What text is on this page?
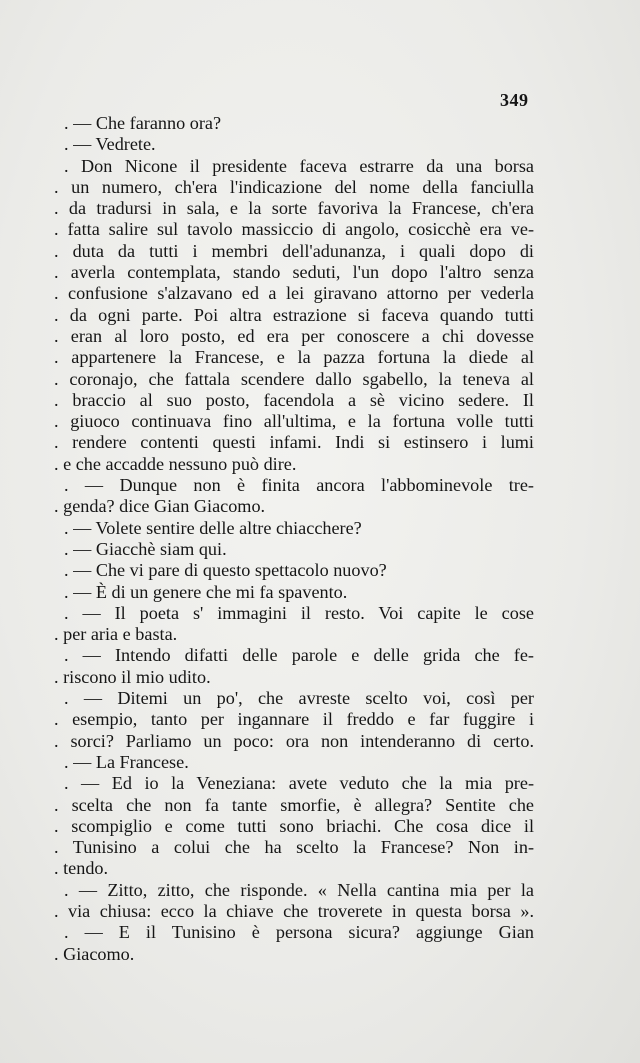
349
. — Che faranno ora?
. — Vedrete.
. Don Nicone il presidente faceva estrarre da una borsa
. un numero, ch'era l'indicazione del nome della fanciulla
. da tradursi in sala, e la sorte favoriva la Francese, ch'era
. fatta salire sul tavolo massiccio di angolo, cosicchè era ve-
. duta da tutti i membri dell'adunanza, i quali dopo di
. averla contemplata, stando seduti, l'un dopo l'altro senza
. confusione s'alzavano ed a lei giravano attorno per vederla
. da ogni parte. Poi altra estrazione si faceva quando tutti
. eran al loro posto, ed era per conoscere a chi dovesse
. appartenere la Francese, e la pazza fortuna la diede al
. coronajo, che fattala scendere dallo sgabello, la teneva al
. braccio al suo posto, facendola a sè vicino sedere. Il
. giuoco continuava fino all'ultima, e la fortuna volle tutti
. rendere contenti questi infami. Indi si estinsero i lumi
. e che accadde nessuno può dire.
. — Dunque non è finita ancora l'abbominevole tre-
. genda? dice Gian Giacomo.
. — Volete sentire delle altre chiacchere?
. — Giacchè siam qui.
. — Che vi pare di questo spettacolo nuovo?
. — È di un genere che mi fa spavento.
. — Il poeta s' immagini il resto. Voi capite le cose
. per aria e basta.
. — Intendo difatti delle parole e delle grida che fe-
. riscono il mio udito.
. — Ditemi un po', che avreste scelto voi, così per
. esempio, tanto per ingannare il freddo e far fuggire i
. sorci? Parliamo un poco: ora non intenderanno di certo.
. — La Francese.
. — Ed io la Veneziana: avete veduto che la mia pre-
. scelta che non fa tante smorfie, è allegra? Sentite che
. scompiglio e come tutti sono briachi. Che cosa dice il
. Tunisino a colui che ha scelto la Francese? Non in-
. tendo.
. — Zitto, zitto, che risponde. « Nella cantina mia per la
. via chiusa: ecco la chiave che troverete in questa borsa ».
. — E il Tunisino è persona sicura? aggiunge Gian
. Giacomo.
